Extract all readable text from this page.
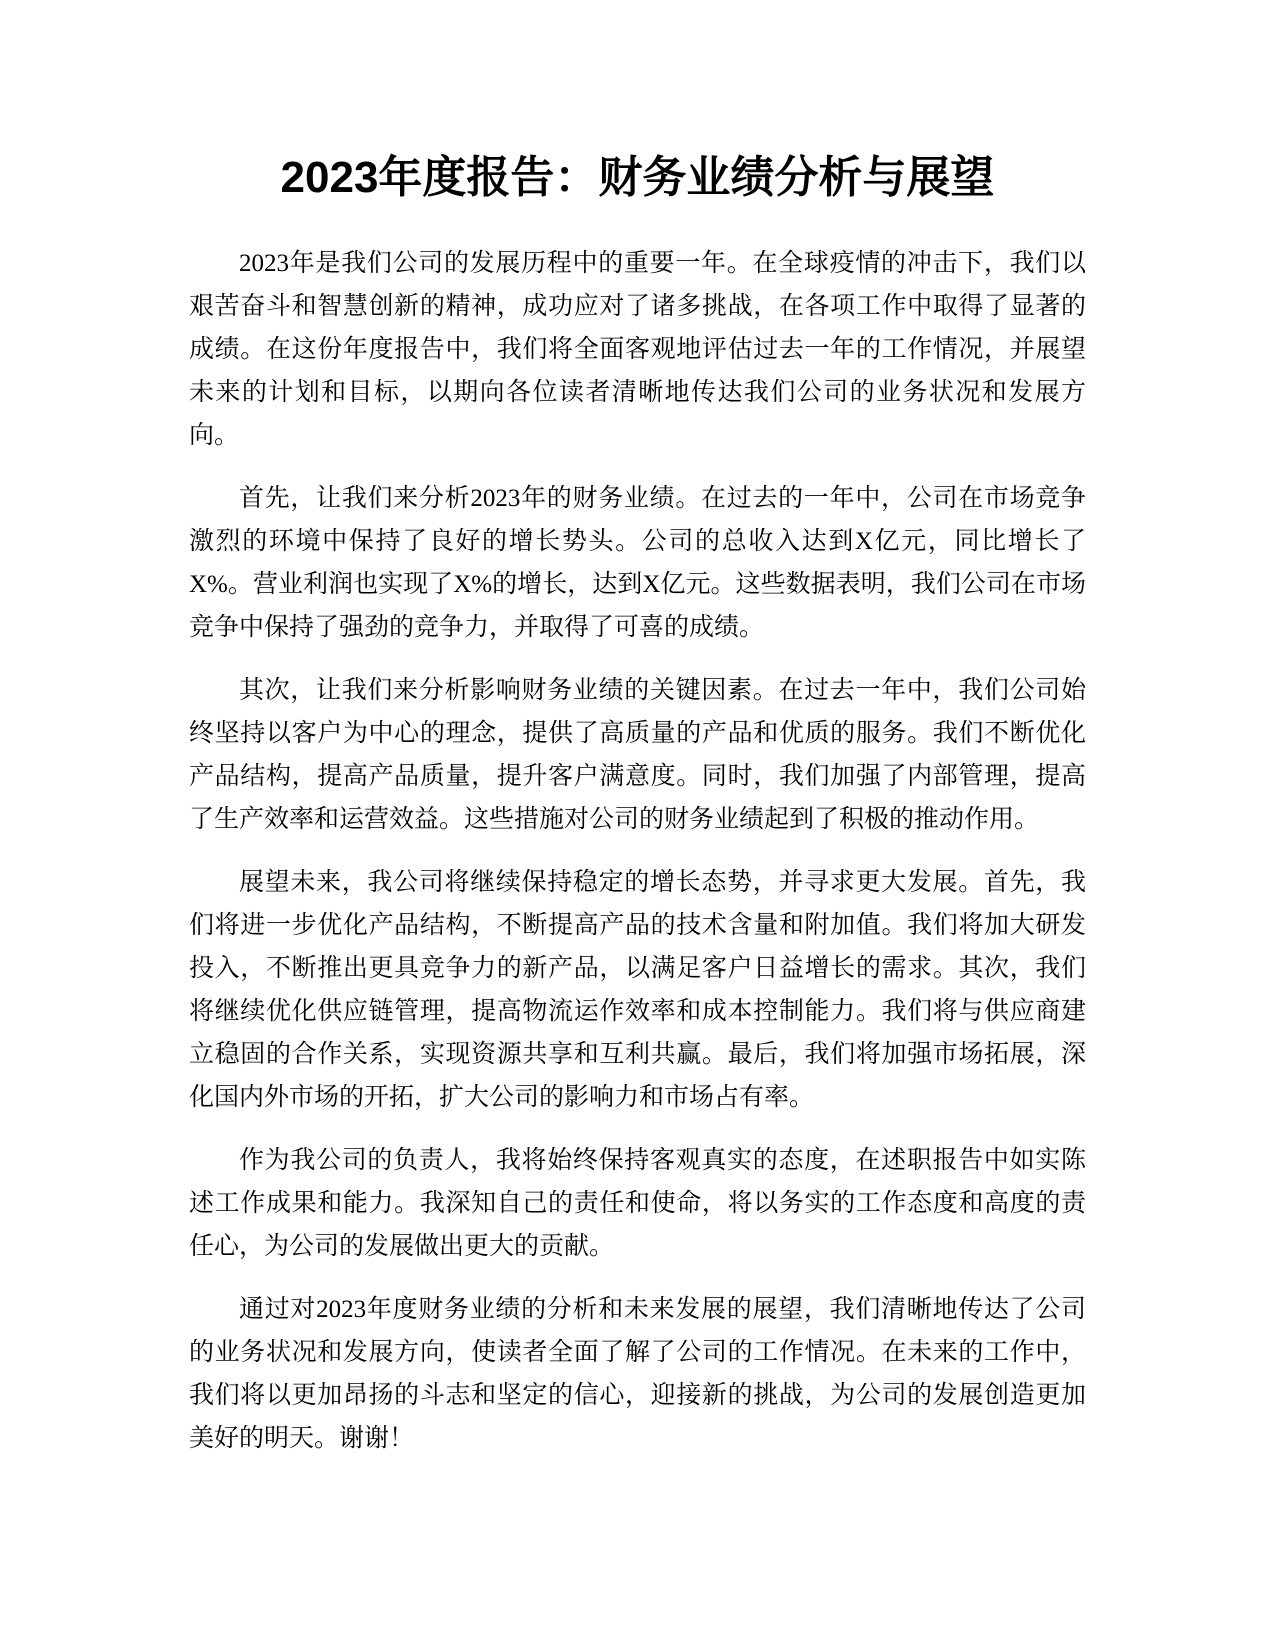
2023年度报告：财务业绩分析与展望

2023年是我们公司的发展历程中的重要一年。在全球疫情的冲击下，我们以艰苦奋斗和智慧创新的精神，成功应对了诸多挑战，在各项工作中取得了显著的成绩。在这份年度报告中，我们将全面客观地评估过去一年的工作情况，并展望未来的计划和目标，以期向各位读者清晰地传达我们公司的业务状况和发展方向。

首先，让我们来分析2023年的财务业绩。在过去的一年中，公司在市场竞争激烈的环境中保持了良好的增长势头。公司的总收入达到X亿元，同比增长了X%。营业利润也实现了X%的增长，达到X亿元。这些数据表明，我们公司在市场竞争中保持了强劲的竞争力，并取得了可喜的成绩。

其次，让我们来分析影响财务业绩的关键因素。在过去一年中，我们公司始终坚持以客户为中心的理念，提供了高质量的产品和优质的服务。我们不断优化产品结构，提高产品质量，提升客户满意度。同时，我们加强了内部管理，提高了生产效率和运营效益。这些措施对公司的财务业绩起到了积极的推动作用。

展望未来，我公司将继续保持稳定的增长态势，并寻求更大发展。首先，我们将进一步优化产品结构，不断提高产品的技术含量和附加值。我们将加大研发投入，不断推出更具竞争力的新产品，以满足客户日益增长的需求。其次，我们将继续优化供应链管理，提高物流运作效率和成本控制能力。我们将与供应商建立稳固的合作关系，实现资源共享和互利共赢。最后，我们将加强市场拓展，深化国内外市场的开拓，扩大公司的影响力和市场占有率。

作为我公司的负责人，我将始终保持客观真实的态度，在述职报告中如实陈述工作成果和能力。我深知自己的责任和使命，将以务实的工作态度和高度的责任心，为公司的发展做出更大的贡献。

通过对2023年度财务业绩的分析和未来发展的展望，我们清晰地传达了公司的业务状况和发展方向，使读者全面了解了公司的工作情况。在未来的工作中，我们将以更加昂扬的斗志和坚定的信心，迎接新的挑战，为公司的发展创造更加美好的明天。谢谢！
